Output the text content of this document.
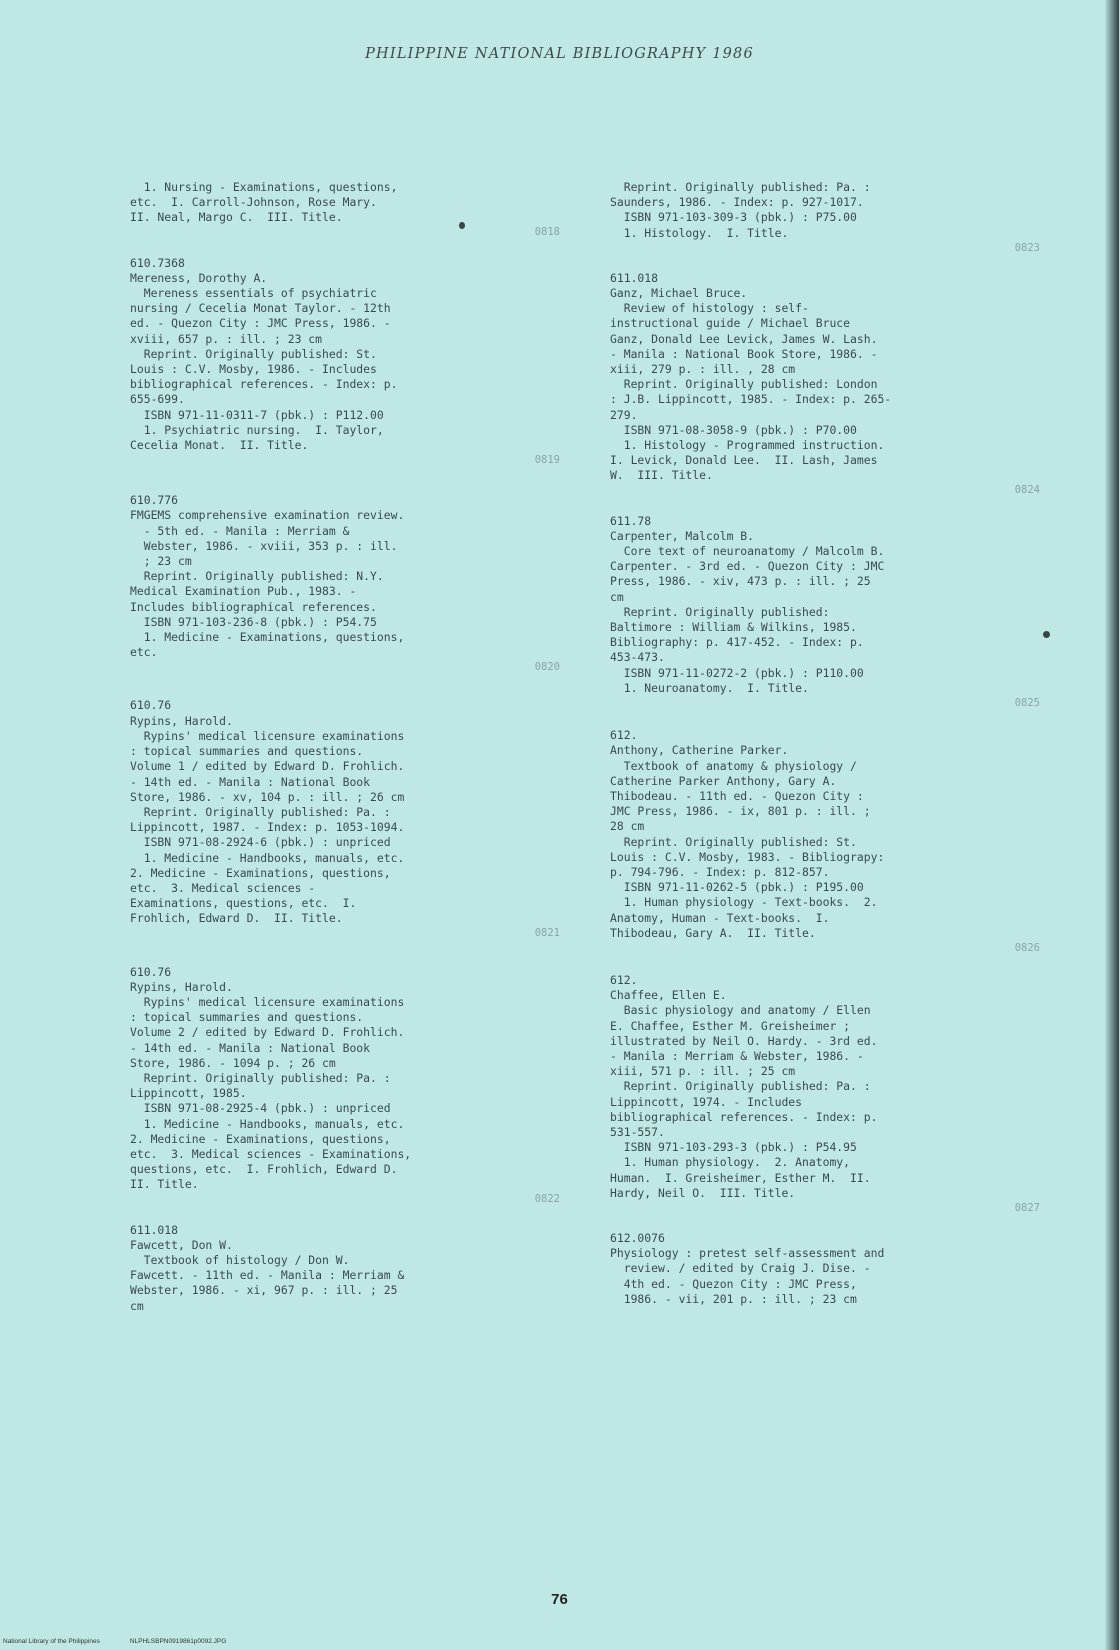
PHILIPPINE NATIONAL BIBLIOGRAPHY 1986
1. Nursing - Examinations, questions,
etc.  I. Carroll-Johnson, Rose Mary.
II. Neal, Margo C.  III. Title.
0818
610.7368
Mereness, Dorothy A.
Mereness essentials of psychiatric
nursing / Cecelia Monat Taylor. - 12th
ed. - Quezon City : JMC Press, 1986. -
xviii, 657 p. : ill. ; 23 cm
Reprint. Originally published: St.
Louis : C.V. Mosby, 1986. - Includes
bibliographical references. - Index: p.
655-699.
ISBN 971-11-0311-7 (pbk.) : P112.00
1. Psychiatric nursing.  I. Taylor,
Cecelia Monat.  II. Title.
0819
610.776
FMGEMS comprehensive examination review.
- 5th ed. - Manila : Merriam &
Webster, 1986. - xviii, 353 p. : ill.
; 23 cm
Reprint. Originally published: N.Y.
Medical Examination Pub., 1983. -
Includes bibliographical references.
ISBN 971-103-236-8 (pbk.) : P54.75
1. Medicine - Examinations, questions,
etc.
0820
610.76
Rypins, Harold.
Rypins' medical licensure examinations
: topical summaries and questions.
Volume 1 / edited by Edward D. Frohlich.
- 14th ed. - Manila : National Book
Store, 1986. - xv, 104 p. : ill. ; 26 cm
Reprint. Originally published: Pa. :
Lippincott, 1987. - Index: p. 1053-1094.
ISBN 971-08-2924-6 (pbk.) : unpriced
1. Medicine - Handbooks, manuals, etc.
2. Medicine - Examinations, questions,
etc.  3. Medical sciences -
Examinations, questions, etc.  I.
Frohlich, Edward D.  II. Title.
0821
610.76
Rypins, Harold.
Rypins' medical licensure examinations
: topical summaries and questions.
Volume 2 / edited by Edward D. Frohlich.
- 14th ed. - Manila : National Book
Store, 1986. - 1094 p. ; 26 cm
Reprint. Originally published: Pa. :
Lippincott, 1985.
ISBN 971-08-2925-4 (pbk.) : unpriced
1. Medicine - Handbooks, manuals, etc.
2. Medicine - Examinations, questions,
etc.  3. Medical sciences - Examinations,
questions, etc.  I. Frohlich, Edward D.
II. Title.
0822
611.018
Fawcett, Don W.
Textbook of histology / Don W.
Fawcett. - 11th ed. - Manila : Merriam &
Webster, 1986. - xi, 967 p. : ill. ; 25
cm
Reprint. Originally published: Pa. :
Saunders, 1986. - Index: p. 927-1017.
ISBN 971-103-309-3 (pbk.) : P75.00
1. Histology.  I. Title.
0823
611.018
Ganz, Michael Bruce.
Review of histology : self-
instructional guide / Michael Bruce
Ganz, Donald Lee Levick, James W. Lash.
- Manila : National Book Store, 1986. -
xiii, 279 p. : ill. , 28 cm
Reprint. Originally published: London
: J.B. Lippincott, 1985. - Index: p. 265-
279.
ISBN 971-08-3058-9 (pbk.) : P70.00
1. Histology - Programmed instruction.
I. Levick, Donald Lee.  II. Lash, James
W.  III. Title.
0824
611.78
Carpenter, Malcolm B.
Core text of neuroanatomy / Malcolm B.
Carpenter. - 3rd ed. - Quezon City : JMC
Press, 1986. - xiv, 473 p. : ill. ; 25
cm
Reprint. Originally published:
Baltimore : William & Wilkins, 1985.
Bibliography: p. 417-452. - Index: p.
453-473.
ISBN 971-11-0272-2 (pbk.) : P110.00
1. Neuroanatomy.  I. Title.
0825
612.
Anthony, Catherine Parker.
Textbook of anatomy & physiology /
Catherine Parker Anthony, Gary A.
Thibodeau. - 11th ed. - Quezon City :
JMC Press, 1986. - ix, 801 p. : ill. ;
28 cm
Reprint. Originally published: St.
Louis : C.V. Mosby, 1983. - Bibliograpy:
p. 794-796. - Index: p. 812-857.
ISBN 971-11-0262-5 (pbk.) : P195.00
1. Human physiology - Text-books.  2.
Anatomy, Human - Text-books.  I.
Thibodeau, Gary A.  II. Title.
0826
612.
Chaffee, Ellen E.
Basic physiology and anatomy / Ellen
E. Chaffee, Esther M. Greisheimer ;
illustrated by Neil O. Hardy. - 3rd ed.
- Manila : Merriam & Webster, 1986. -
xiii, 571 p. : ill. ; 25 cm
Reprint. Originally published: Pa. :
Lippincott, 1974. - Includes
bibliographical references. - Index: p.
531-557.
ISBN 971-103-293-3 (pbk.) : P54.95
1. Human physiology.  2. Anatomy,
Human.  I. Greisheimer, Esther M.  II.
Hardy, Neil O.  III. Title.
0827
612.0076
Physiology : pretest self-assessment and
review. / edited by Craig J. Dise. -
4th ed. - Quezon City : JMC Press,
1986. - vii, 201 p. : ill. ; 23 cm
76
National Library of the Philippines	NLPHLSBPN0919861p0092.JPG
